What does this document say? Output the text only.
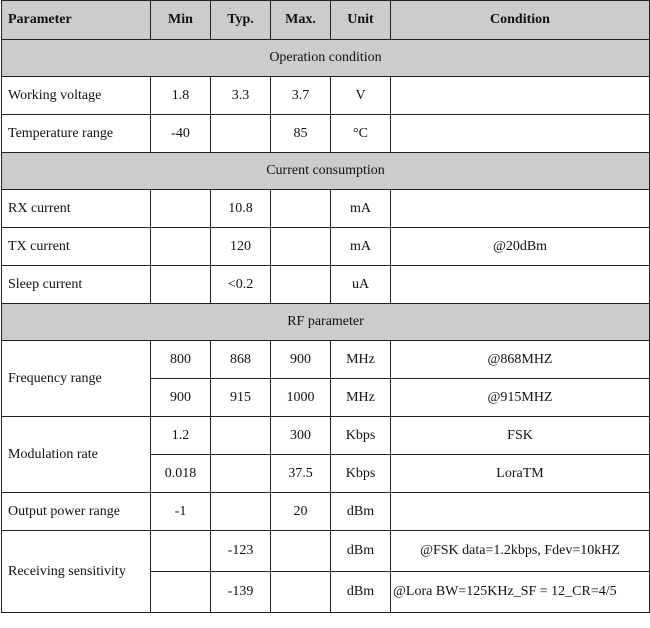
Parameter	Min	Typ.	Max.	Unit	Condition
Operation condition					
Working voltage	1.8	3.3	3.7	V	
Temperature range	-40		85	°C	
Current consumption					
RX current		10.8		mA	
TX current		120		mA	@20dBm
Sleep current		<0.2		uA	
RF parameter					
Frequency range	800	868	900	MHz	@868MHZ
	900	915	1000	MHz	@915MHZ
Modulation rate	1.2		300	Kbps	FSK
	0.018		37.5	Kbps	LoraTM
Output power range	-1		20	dBm	
Receiving sensitivity		-123		dBm	@FSK data=1.2kbps, Fdev=10kHZ
		-139		dBm	@Lora BW=125KHz_SF = 12_CR=4/5
